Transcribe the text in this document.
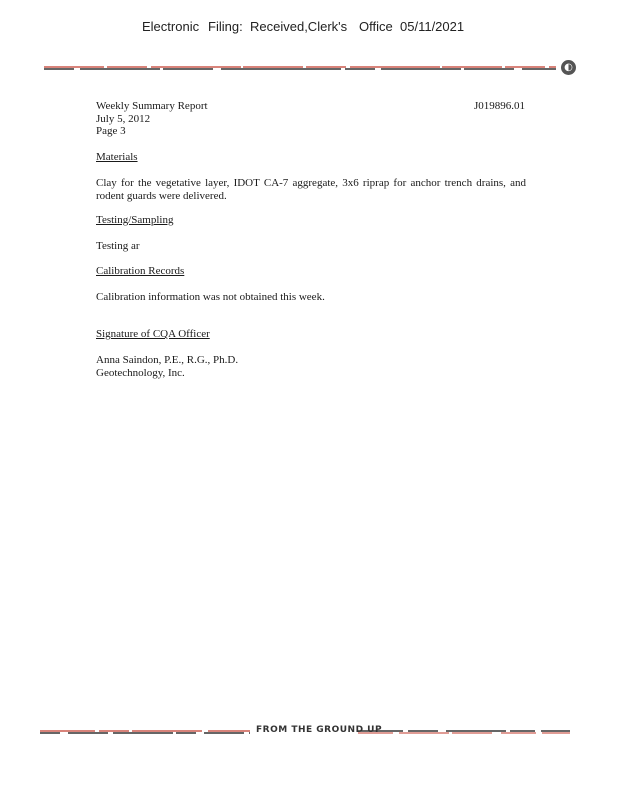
Electronic

Filing:

Received,Clerk's

Office

05/11/2021

◐
Weekly Summary Report
July 5, 2012
Page 3
J019896.01
Materials
Clay for the vegetative layer, IDOT CA-7 aggregate, 3x6 riprap for anchor trench drains, and rodent guards were delivered.
Testing/Sampling
Testing ar
Calibration Records
Calibration information was not obtained this week.
Signature of CQA Officer
Anna Saindon, P.E., R.G., Ph.D.
Geotechnology, Inc.
FROM THE GROUND UP
